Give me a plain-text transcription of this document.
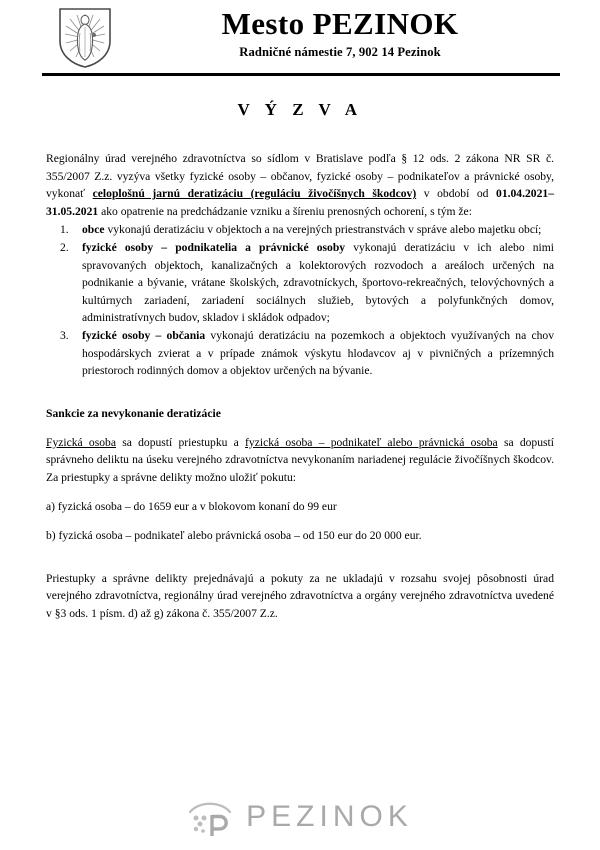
Mesto PEZINOK
Radničné námestie 7, 902 14 Pezinok
V Ý Z V A

Regionálny úrad verejného zdravotníctva so sídlom v Bratislave podľa § 12 ods. 2 zákona NR SR č. 355/2007 Z.z. vyzýva všetky fyzické osoby – občanov, fyzické osoby – podnikateľov a právnické osoby, vykonať celoplošnú jarnú deratizáciu (reguláciu živočíšnych škodcov) v období od 01.04.2021– 31.05.2021 ako opatrenie na predchádzanie vzniku a šíreniu prenosných ochorení, s tým že:

1.	obce vykonajú deratizáciu v objektoch a na verejných priestranstvách v správe alebo majetku obcí;
2.	fyzické osoby – podnikatelia a právnické osoby vykonajú deratizáciu v ich alebo nimi spravovaných objektoch, kanalizačných a kolektorových rozvodoch a areáloch určených na podnikanie a bývanie, vrátane školských, zdravotníckych, športovo-rekreačných, telovýchovných a kultúrnych zariadení, zariadení sociálnych služieb, bytových a polyfunkčných domov, administratívnych budov, skladov i skládok odpadov;
3.	fyzické osoby – občania vykonajú deratizáciu na pozemkoch a objektoch využívaných na chov hospodárskych zvierat a v prípade známok výskytu hlodavcov aj v pivničných a prízemných priestoroch rodinných domov a objektov určených na bývanie.

Sankcie za nevykonanie deratizácie

Fyzická osoba sa dopustí priestupku a fyzická osoba – podnikateľ alebo právnická osoba sa dopustí správneho deliktu na úseku verejného zdravotníctva nevykonaním nariadenej regulácie živočíšnych škodcov. Za priestupky a správne delikty možno uložiť pokutu:

a) fyzická osoba – do 1659 eur a v blokovom konaní do 99 eur

b) fyzická osoba – podnikateľ alebo právnická osoba – od 150 eur do 20 000 eur.

Priestupky a správne delikty prejednávajú a pokuty za ne ukladajú v rozsahu svojej pôsobnosti úrad verejného zdravotníctva, regionálny úrad verejného zdravotníctva a orgány verejného zdravotníctva uvedené v §3 ods. 1 písm. d) až g) zákona č. 355/2007 Z.z.

PEZINOK
